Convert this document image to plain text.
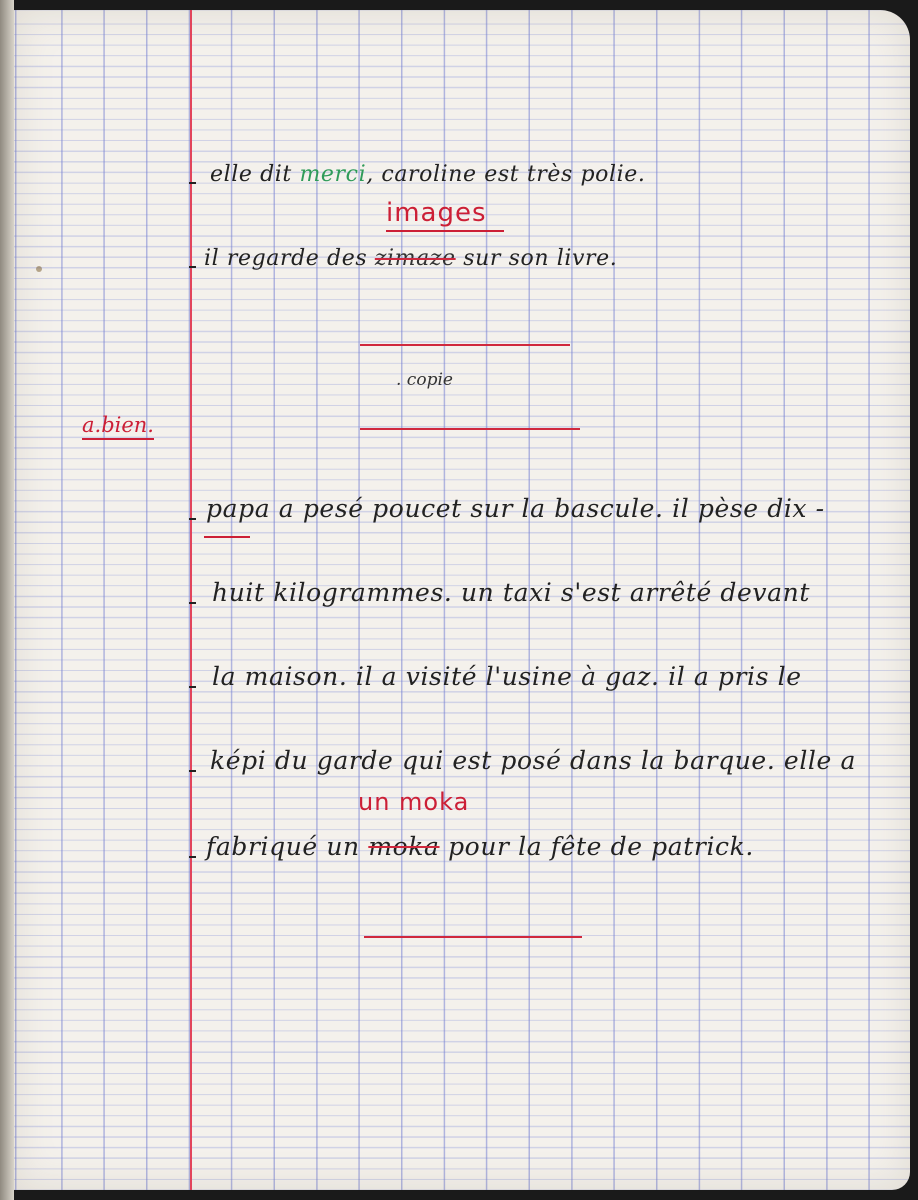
elle dit merci, caroline est très polie.
images
il regarde des zimaze sur son livre.
. copie
a.bien.
papa a pesé poucet sur la bascule. il pèse dix -
huit kilogrammes. un taxi s'est arrêté devant
la maison. il a visité l'usine à gaz. il a pris le
képi du garde qui est posé dans la barque. elle a
un moka
fabriqué un moka pour la fête de patrick.
